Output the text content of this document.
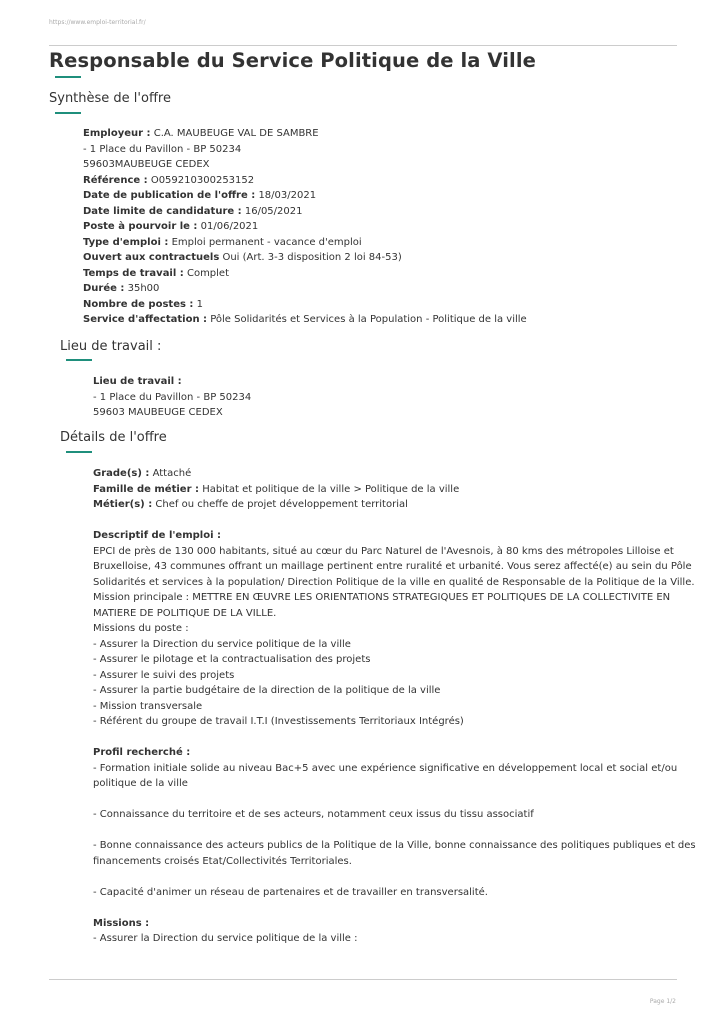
https://www.emploi-territorial.fr/
Responsable du Service Politique de la Ville
Synthèse de l'offre
Employeur : C.A. MAUBEUGE VAL DE SAMBRE
- 1 Place du Pavillon - BP 50234
59603MAUBEUGE CEDEX
Référence : O059210300253152
Date de publication de l'offre : 18/03/2021
Date limite de candidature : 16/05/2021
Poste à pourvoir le : 01/06/2021
Type d'emploi : Emploi permanent - vacance d'emploi
Ouvert aux contractuels Oui (Art. 3-3 disposition 2 loi 84-53)
Temps de travail : Complet
Durée : 35h00
Nombre de postes : 1
Service d'affectation : Pôle Solidarités et Services à la Population - Politique de la ville
Lieu de travail :
Lieu de travail :
- 1 Place du Pavillon - BP 50234
59603 MAUBEUGE CEDEX
Détails de l'offre
Grade(s) : Attaché
Famille de métier : Habitat et politique de la ville > Politique de la ville
Métier(s) : Chef ou cheffe de projet développement territorial
Descriptif de l'emploi :
EPCI de près de 130 000 habitants, situé au cœur du Parc Naturel de l'Avesnois, à 80 kms des métropoles Lilloise et Bruxelloise, 43 communes offrant un maillage pertinent entre ruralité et urbanité. Vous serez affecté(e) au sein du Pôle Solidarités et services à la population/ Direction Politique de la ville en qualité de Responsable de la Politique de la Ville.
Mission principale : METTRE EN ŒUVRE LES ORIENTATIONS STRATEGIQUES ET POLITIQUES DE LA COLLECTIVITE EN MATIERE DE POLITIQUE DE LA VILLE.
Missions du poste :
- Assurer la Direction du service politique de la ville
- Assurer le pilotage et la contractualisation des projets
- Assurer le suivi des projets
- Assurer la partie budgétaire de la direction de la politique de la ville
- Mission transversale
- Référent du groupe de travail I.T.I (Investissements Territoriaux Intégrés)
Profil recherché :
- Formation initiale solide au niveau Bac+5 avec une expérience significative en développement local et social et/ou politique de la ville
- Connaissance du territoire et de ses acteurs, notamment ceux issus du tissu associatif
- Bonne connaissance des acteurs publics de la Politique de la Ville, bonne connaissance des politiques publiques et des financements croisés Etat/Collectivités Territoriales.
- Capacité d'animer un réseau de partenaires et de travailler en transversalité.
Missions :
- Assurer la Direction du service politique de la ville :
Page 1/2
